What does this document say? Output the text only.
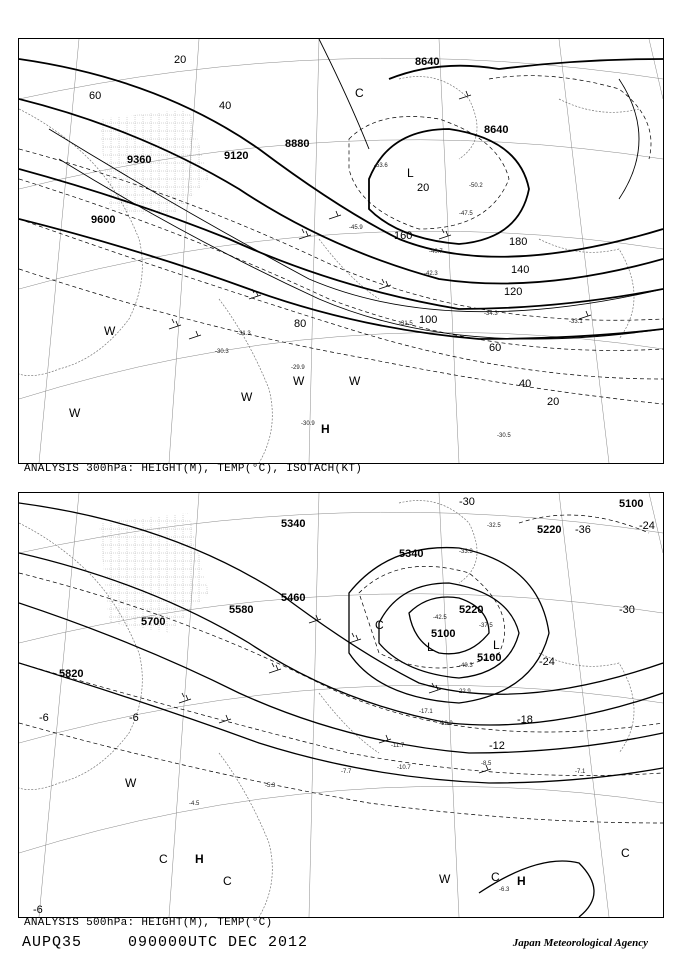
9360	9120
8880
8640
8640
9600
20
40
60
80	100
120
140
160	180
20
40
60
20
-53.6
-50.2
-47.5
-45.9
-42.3
-40.7
-34.3
-33.1
-31.5
-30.3
-30.9
-31.3
-29.9
-30.5
L
H
C
W
W
W
W	W
ANALYSIS 300hPa: HEIGHT(M), TEMP(°C), ISOTACH(KT)
5340
5580
5820
5700
5460
5340
5220
5100
5100
5220
5100
-30
-24
-30
-36
-24
-18
-12
-6
-6
-6
-33.3
-32.5
-37.5
-42.5
-40.3
-22.9
-17.1
-12.9
-11.7
-10.7
-8.5
-7.1
-7.7
-5.3
-4.5
-6.3
L	L
H
H
C
C
C	C
C
W
W
ANALYSIS 500hPa: HEIGHT(M), TEMP(°C)
AUPQ35	090000UTC DEC 2012	Japan Meteorological Agency
